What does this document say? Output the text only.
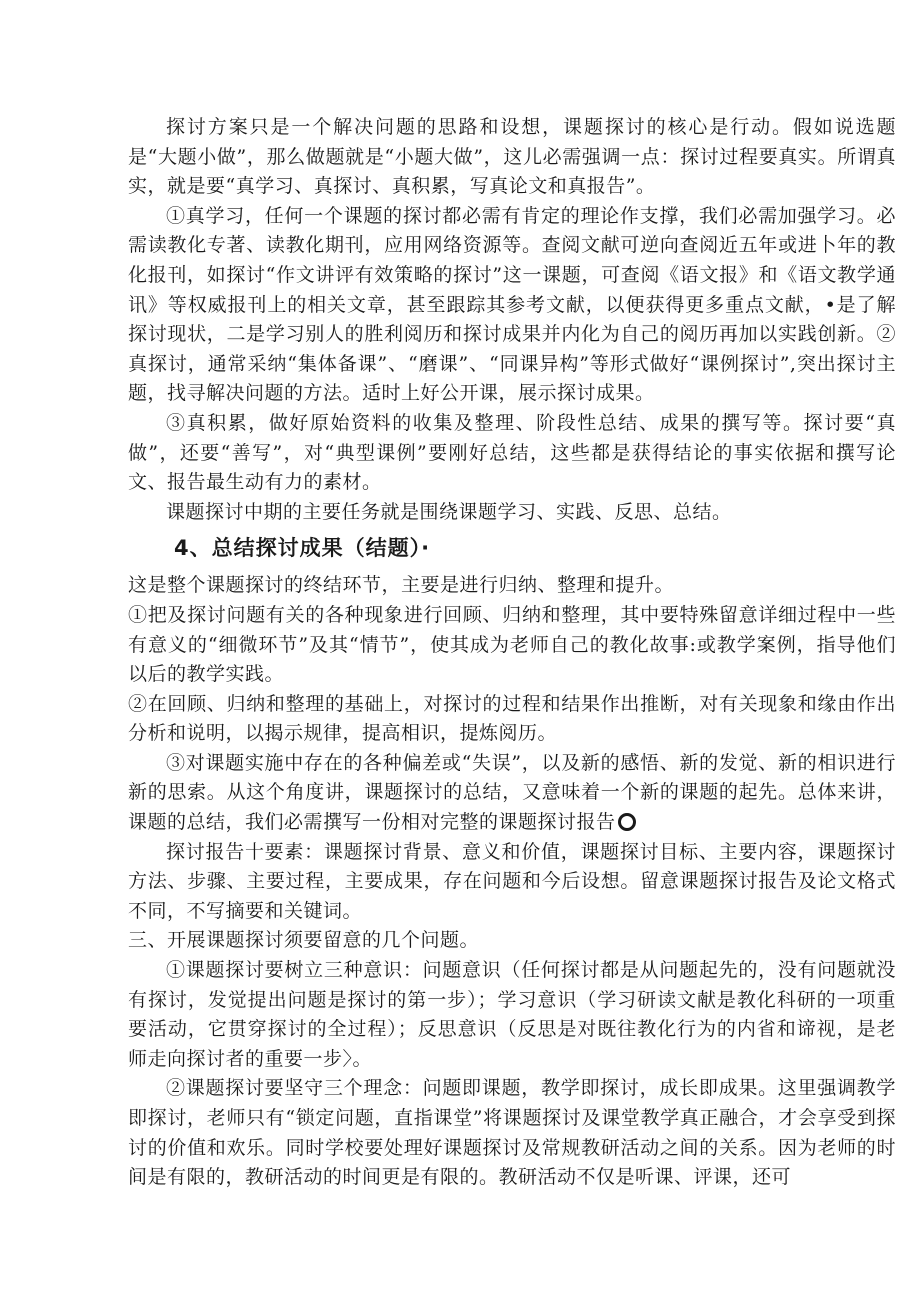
探讨方案只是一个解决问题的思路和设想，课题探讨的核心是行动。假如说选题是“大题小做”，那么做题就是“小题大做”，这儿必需强调一点：探讨过程要真实。所谓真实，就是要“真学习、真探讨、真积累，写真论文和真报告”。

①真学习，任何一个课题的探讨都必需有肯定的理论作支撑，我们必需加强学习。必需读教化专著、读教化期刊，应用网络资源等。查阅文献可逆向查阅近五年或进卜年的教化报刊，如探讨“作文讲评有效策略的探讨”这一课题，可查阅《语文报》和《语文教学通讯》等权威报刊上的相关文章，甚至跟踪其参考文献，以便获得更多重点文献，•是了解探讨现状，二是学习别人的胜利阅历和探讨成果并内化为自己的阅历再加以实践创新。②真探讨，通常采纳“集体备课”、“磨课”、“同课异构”等形式做好“课例探讨”,突出探讨主题，找寻解决问题的方法。适时上好公开课，展示探讨成果。

③真积累，做好原始资料的收集及整理、阶段性总结、成果的撰写等。探讨要“真做”，还要“善写”，对“典型课例”要刚好总结，这些都是获得结论的事实依据和撰写论文、报告最生动有力的素材。

课题探讨中期的主要任务就是围绕课题学习、实践、反思、总结。

4、总结探讨成果（结题）·

这是整个课题探讨的终结环节，主要是进行归纳、整理和提升。

①把及探讨问题有关的各种现象进行回顾、归纳和整理，其中要特殊留意详细过程中一些有意义的“细微环节”及其“情节”，使其成为老师自己的教化故事:或教学案例，指导他们以后的教学实践。

②在回顾、归纳和整理的基础上，对探讨的过程和结果作出推断，对有关现象和缘由作出分析和说明，以揭示规律，提高相识，提炼阅历。

③对课题实施中存在的各种偏差或“失误”，以及新的感悟、新的发觉、新的相识进行新的思索。从这个角度讲，课题探讨的总结，又意味着一个新的课题的起先。总体来讲，课题的总结，我们必需撰写一份相对完整的课题探讨报告

探讨报告十要素：课题探讨背景、意义和价值，课题探讨目标、主要内容，课题探讨方法、步骤、主要过程，主要成果，存在问题和今后设想。留意课题探讨报告及论文格式不同，不写摘要和关键词。

三、开展课题探讨须要留意的几个问题。

①课题探讨要树立三种意识：问题意识（任何探讨都是从问题起先的，没有问题就没有探讨，发觉提出问题是探讨的第一步）；学习意识（学习研读文献是教化科研的一项重要活动，它贯穿探讨的全过程）；反思意识（反思是对既往教化行为的内省和谛视，是老师走向探讨者的重要一步〉。

②课题探讨要坚守三个理念：问题即课题，教学即探讨，成长即成果。这里强调教学即探讨，老师只有“锁定问题，直指课堂”将课题探讨及课堂教学真正融合，才会享受到探讨的价值和欢乐。同时学校要处理好课题探讨及常规教研活动之间的关系。因为老师的时间是有限的，教研活动的时间更是有限的。教研活动不仅是听课、评课，还可
